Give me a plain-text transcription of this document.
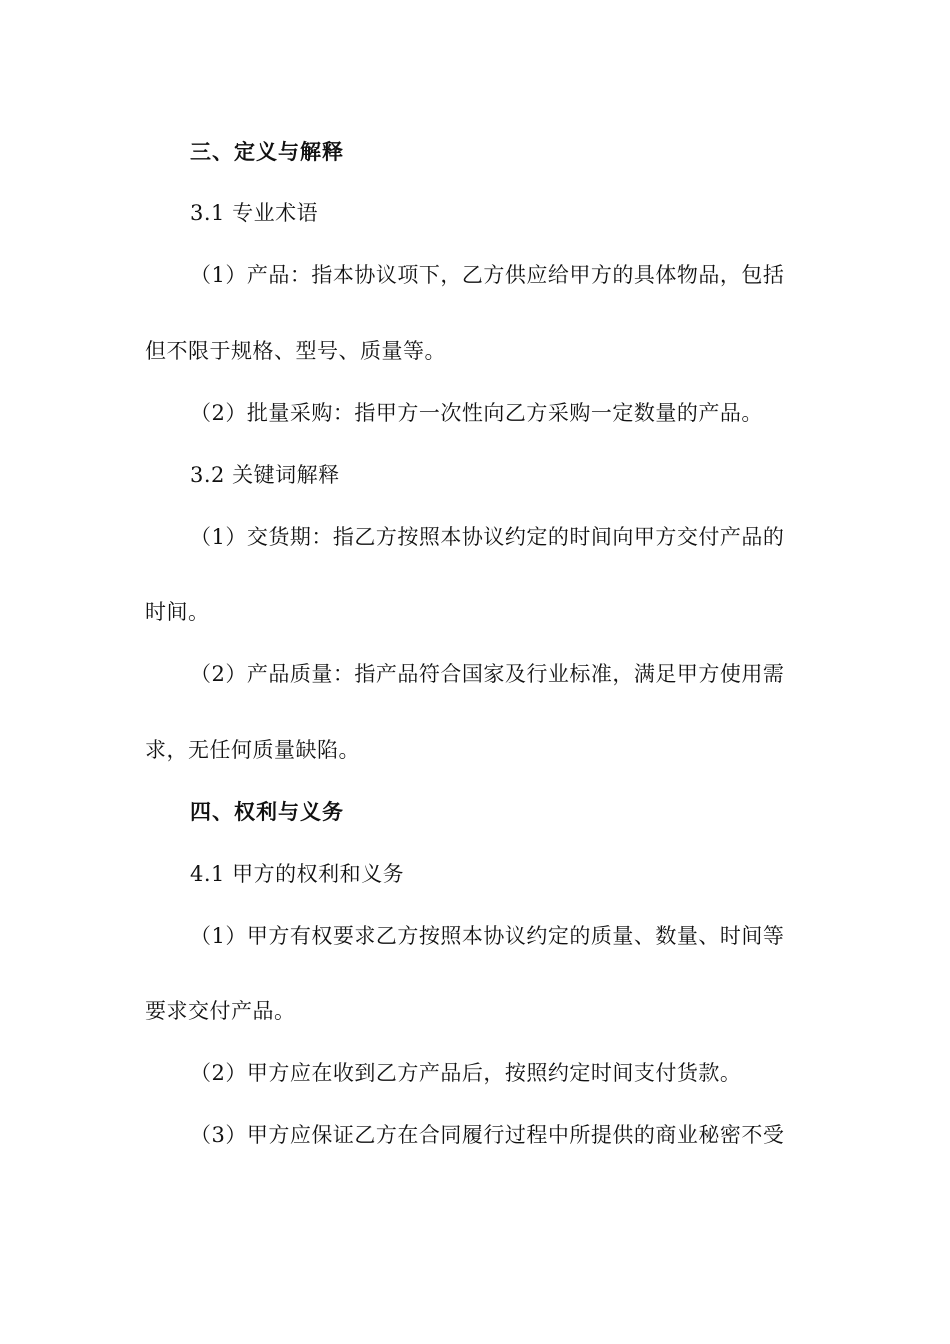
三、定义与解释

3.1 专业术语

（1）产品：指本协议项下，乙方供应给甲方的具体物品，包括

但不限于规格、型号、质量等。

（2）批量采购：指甲方一次性向乙方采购一定数量的产品。

3.2 关键词解释

（1）交货期：指乙方按照本协议约定的时间向甲方交付产品的

时间。

（2）产品质量：指产品符合国家及行业标准，满足甲方使用需

求，无任何质量缺陷。

四、权利与义务

4.1 甲方的权利和义务

（1）甲方有权要求乙方按照本协议约定的质量、数量、时间等

要求交付产品。

（2）甲方应在收到乙方产品后，按照约定时间支付货款。

（3）甲方应保证乙方在合同履行过程中所提供的商业秘密不受
